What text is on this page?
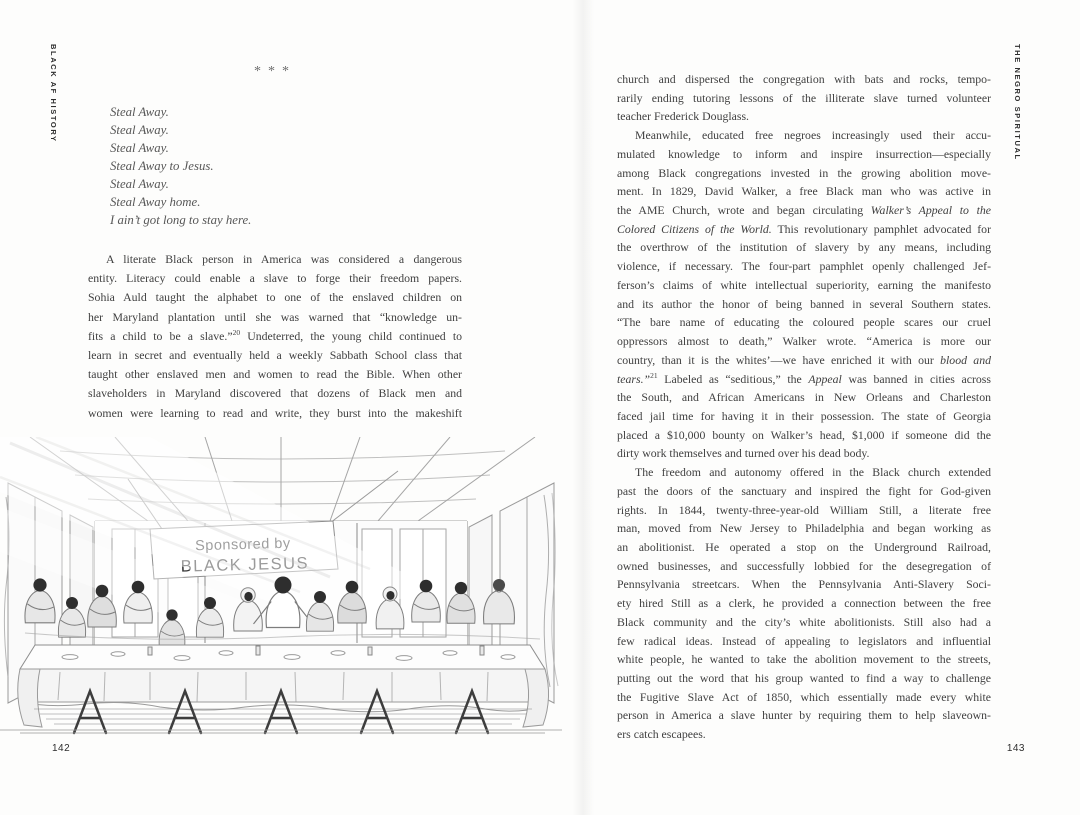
BLACK AF HISTORY	THE NEGRO SPIRITUAL
***
Steal Away.
Steal Away.
Steal Away.
Steal Away to Jesus.
Steal Away.
Steal Away home.
I ain’t got long to stay here.
A literate Black person in America was considered a dangerous
entity. Literacy could enable a slave to forge their freedom papers.
Sohia Auld taught the alphabet to one of the enslaved children on
her Maryland plantation until she was warned that “knowledge un-
fits a child to be a slave.”$^{20}$ Undeterred, the young child continued to
learn in secret and eventually held a weekly Sabbath School class that
taught other enslaved men and women to read the Bible. When other
slaveholders in Maryland discovered that dozens of Black men and
women were learning to read and write, they burst into the makeshift
church and dispersed the congregation with bats and rocks, tempo-
rarily ending tutoring lessons of the illiterate slave turned volunteer
teacher Frederick Douglass.
Meanwhile, educated free negroes increasingly used their accu-
mulated knowledge to inform and inspire insurrection—especially
among Black congregations invested in the growing abolition move-
ment. In 1829, David Walker, a free Black man who was active in
the AME Church, wrote and began circulating Walker’s Appeal to the
Colored Citizens of the World. This revolutionary pamphlet advocated for
the overthrow of the institution of slavery by any means, including
violence, if necessary. The four-part pamphlet openly challenged Jef-
ferson’s claims of white intellectual superiority, earning the manifesto
and its author the honor of being banned in several Southern states.
“The bare name of educating the coloured people scares our cruel
oppressors almost to death,” Walker wrote. “America is more our
country, than it is the whites’—we have enriched it with our blood and
tears.”$^{21}$ Labeled as “seditious,” the Appeal was banned in cities across
the South, and African Americans in New Orleans and Charleston
faced jail time for having it in their possession. The state of Georgia
placed a $10,000 bounty on Walker’s head, $1,000 if someone did the
dirty work themselves and turned over his dead body.
The freedom and autonomy offered in the Black church extended
past the doors of the sanctuary and inspired the fight for God-given
rights. In 1844, twenty-three-year-old William Still, a literate free
man, moved from New Jersey to Philadelphia and began working as
an abolitionist. He operated a stop on the Underground Railroad,
owned businesses, and successfully lobbied for the desegregation of
Pennsylvania streetcars. When the Pennsylvania Anti-Slavery Soci-
ety hired Still as a clerk, he provided a connection between the free
Black community and the city’s white abolitionists. Still also had a
few radical ideas. Instead of appealing to legislators and influential
white people, he wanted to take the abolition movement to the streets,
putting out the word that his group wanted to find a way to challenge
the Fugitive Slave Act of 1850, which essentially made every white
person in America a slave hunter by requiring them to help slaveown-
ers catch escapees.
142	143
